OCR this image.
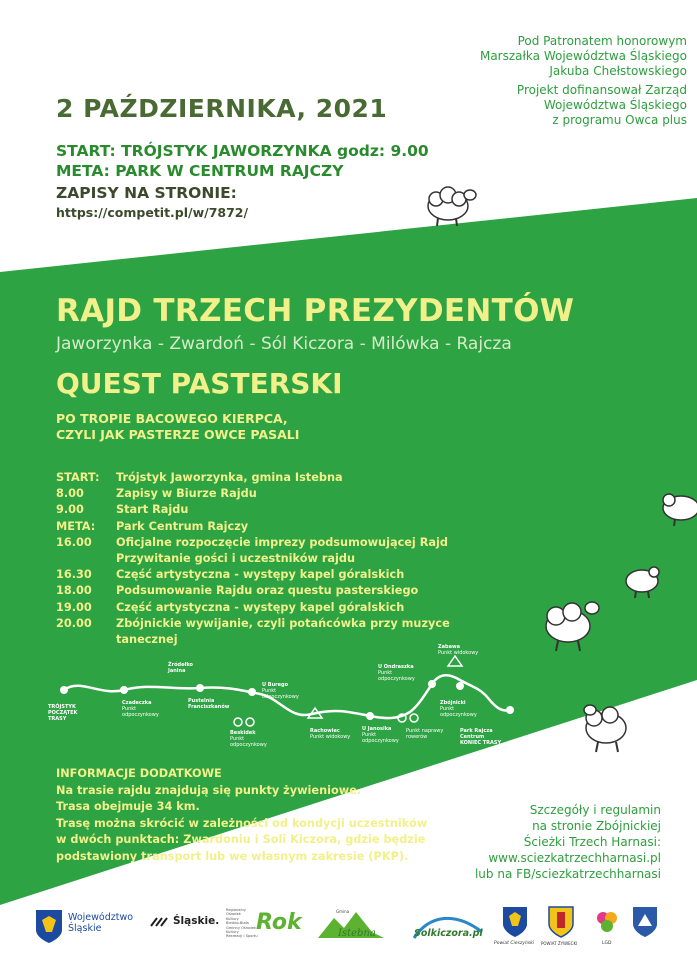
Pod Patronatem honorowym
Marszałka Województwa Śląskiego
Jakuba Chełstowskiego
Projekt dofinansował Zarząd
Województwa Śląskiego
z programu Owca plus
2 PAŹDZIERNIKA, 2021
START: TRÓJSTYK JAWORZYNKA godz: 9.00
META: PARK W CENTRUM RAJCZY
ZAPISY NA STRONIE:
https://competit.pl/w/7872/
RAJD TRZECH PREZYDENTÓW
Jaworzynka - Zwardoń - Sól Kiczora - Milówka - Rajcza
QUEST PASTERSKI
PO TROPIE BACOWEGO KIERPCA,
CZYLI JAK PASTERZE OWCE PASALI
START:	Trójstyk Jaworzynka, gmina Istebna
8.00	Zapisy w Biurze Rajdu
9.00	Start Rajdu
META:	Park Centrum Rajczy
16.00	Oficjalne rozpoczęcie imprezy podsumowującej Rajd
Przywitanie gości i uczestników rajdu
16.30	Część artystyczna - występy kapel góralskich
18.00	Podsumowanie Rajdu oraz questu pasterskiego
19.00	Część artystyczna - występy kapel góralskich
20.00	Zbójnickie wywijanie, czyli potańcówka przy muzyce
tanecznej
TRÓJSTYK POCZĄTEK TRASY
Czadeczka Punkt odpoczynkowy
Źródełko Janina
Pustelnia Franciszkanów
U Burego Punkt odpoczynkowy
Beskidek Punkt odpoczynkowy
Rachowiec Punkt widokowy
U Janosika Punkt odpoczynkowy
U Ondraszka Punkt odpoczynkowy
Punkt naprawy rowerów
Zabawa Punkt widokowy
Zbójnicki Punkt odpoczynkowy
Park Rajcza Centrum KONIEC TRASY
INFORMACJE DODATKOWE
Na trasie rajdu znajdują się punkty żywieniowe.
Trasa obejmuje 34 km.
Trasę można skrócić w zależności od kondycji uczestników
w dwóch punktach: Zwardoniu i Soli Kiczora, gdzie będzie
podstawiony transport lub we własnym zakresie (PKP).
Szczegóły i regulamin
na stronie Zbójnickiej
Ścieżki Trzech Harnasi:
www.sciezkatrzechharnasi.pl
lub na FB/sciezkatrzechharnasi
Województwo
Śląskie
Śląskie.
Regionalny
Ośrodek
Kultury
Bielsko-Biała
Gminny Ośrodek Kultury
Rekreacji i Sportu
Rok	Istebna
Gmina
Solkiczora.pl
Powiat Cieszyński POWIAT ŻYWIECKI	LGD
